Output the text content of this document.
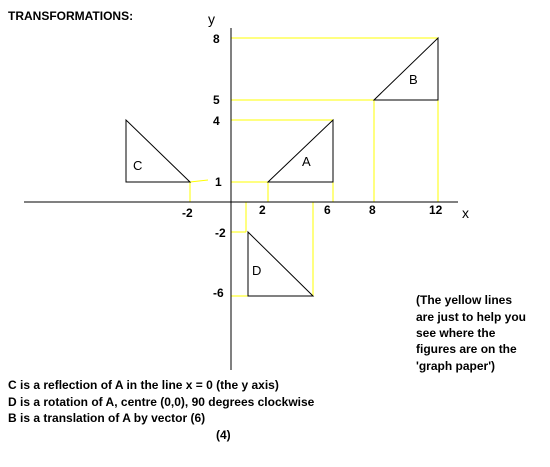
TRANSFORMATIONS:	y
x
-2	2	6	8	12
8
5
4
1
-2
-6
A
B
C
D
(The yellow lines
are just to help you
see where the
figures are on the
'graph paper')
C is a reflection of A in the line x = 0 (the y axis)
D is a rotation of A, centre (0,0), 90 degrees clockwise
B is a translation of A by vector (6)
(4)
